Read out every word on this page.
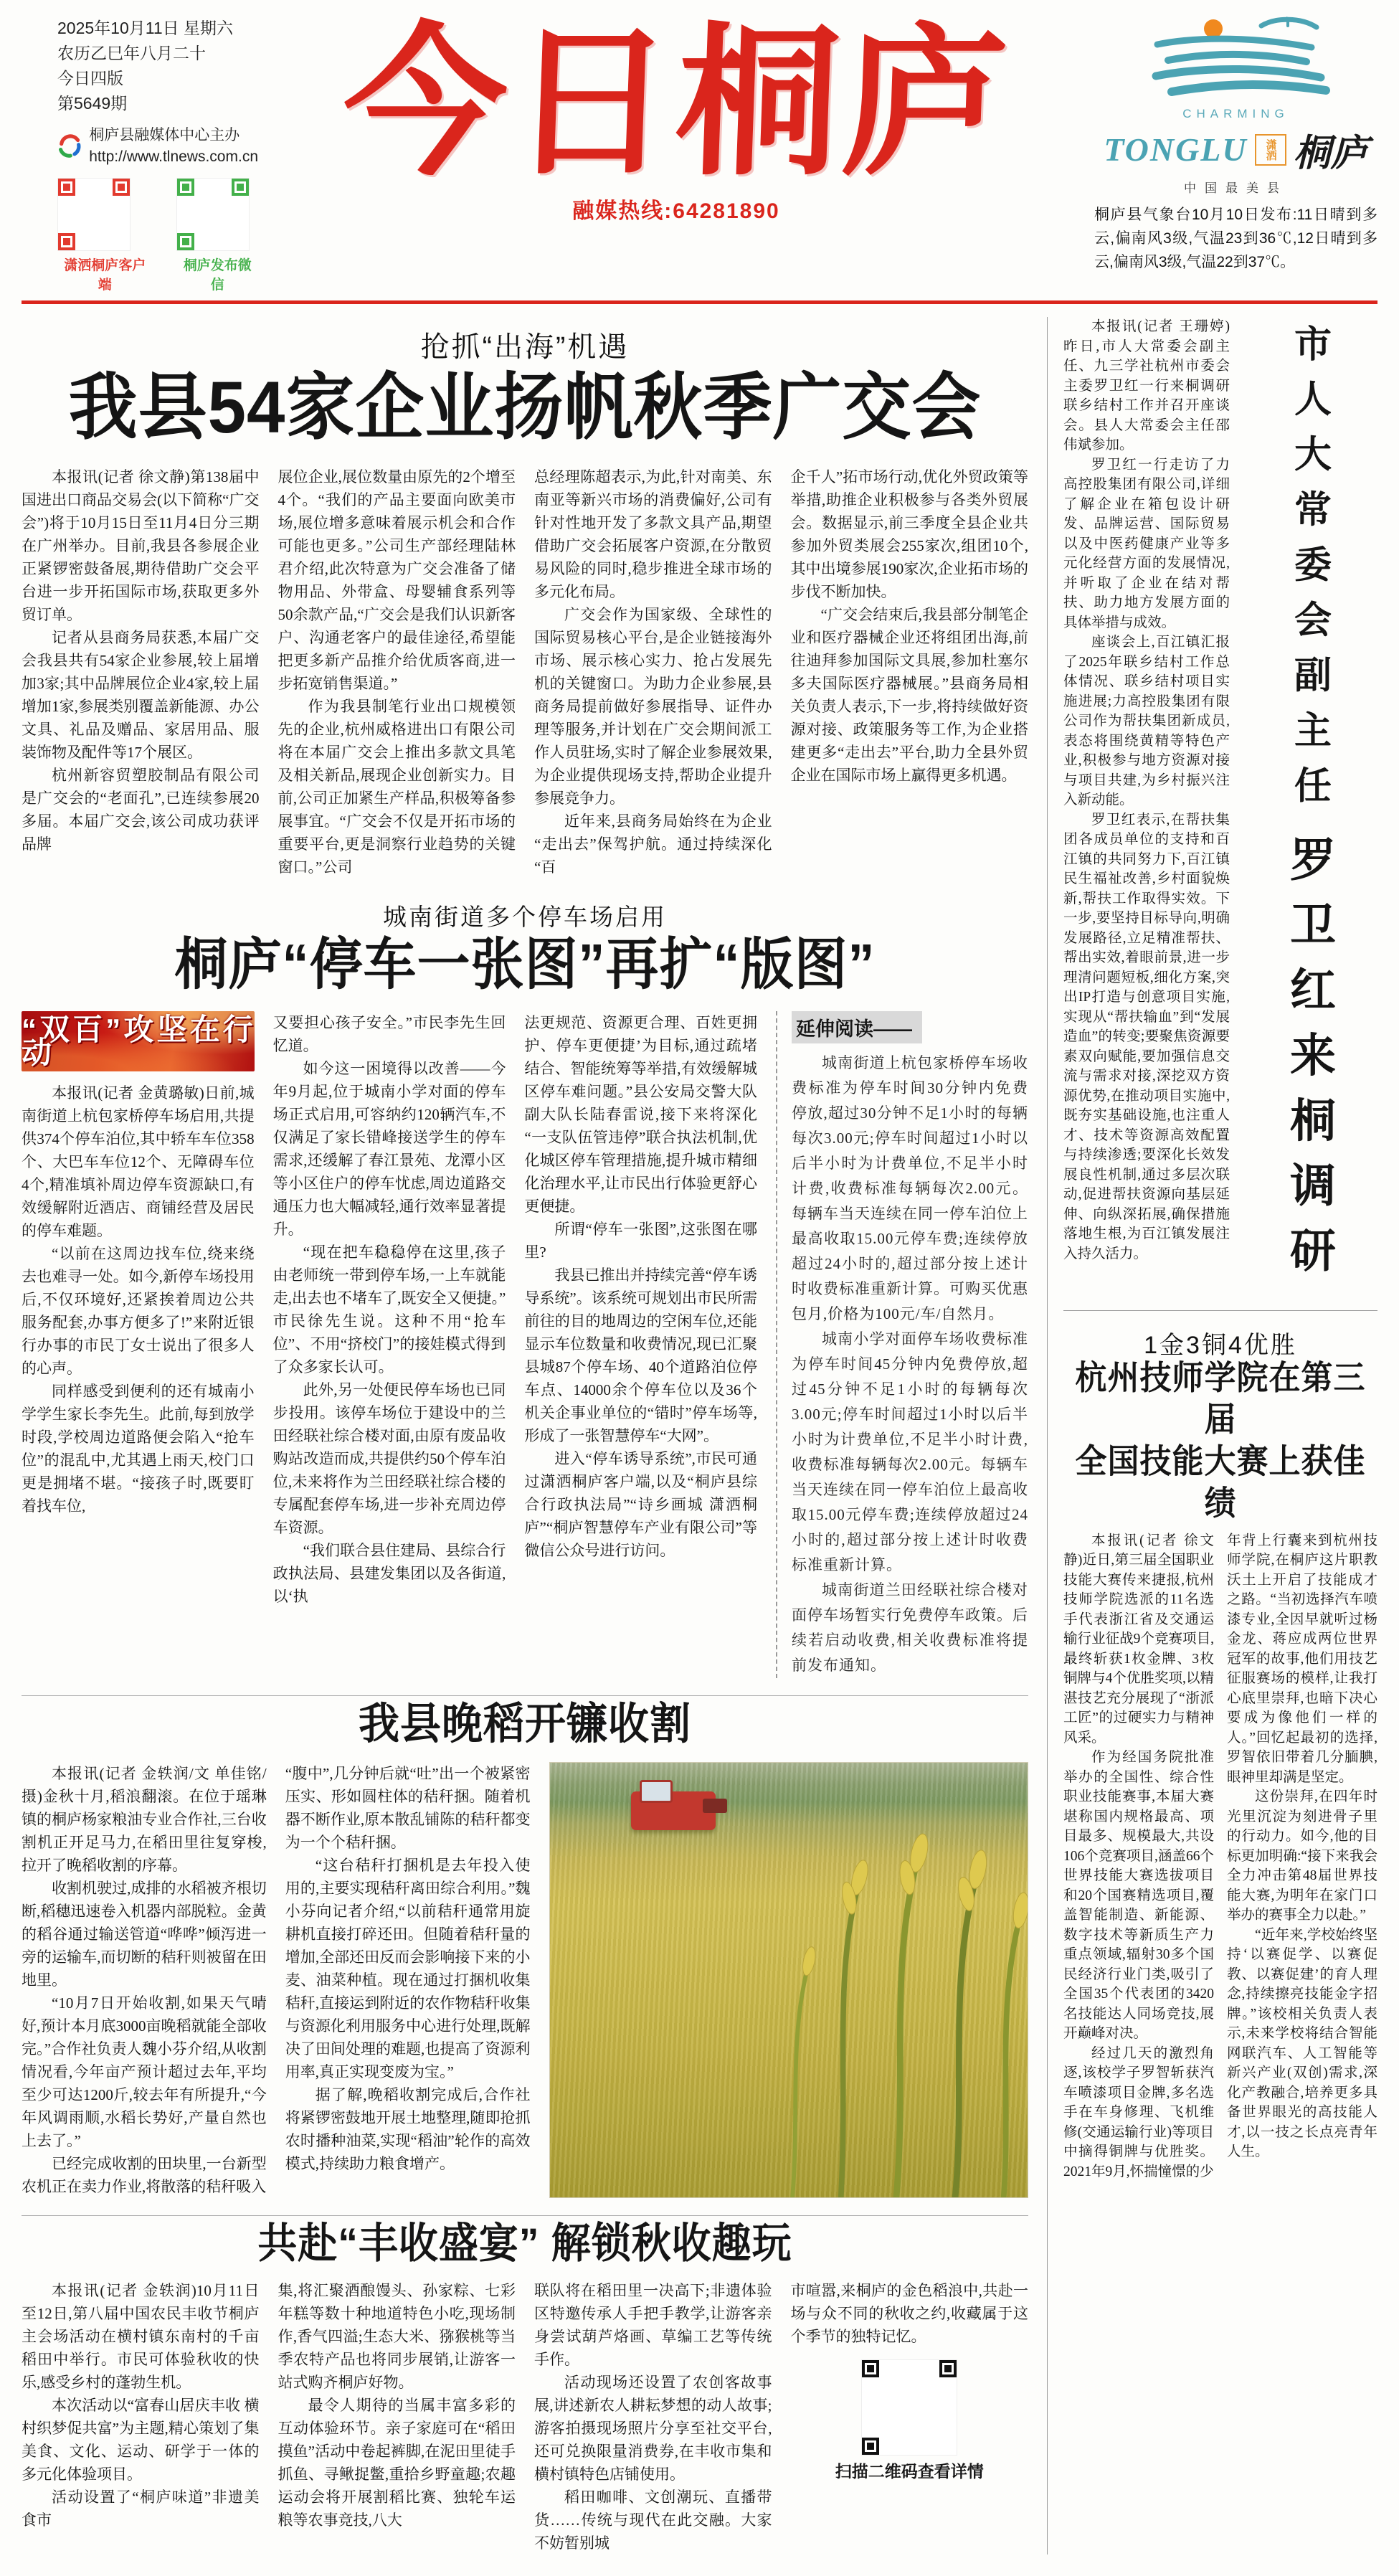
2025年10月11日 星期六
农历乙巳年八月二十
今日四版
第5649期
桐庐县融媒体中心主办
http://www.tlnews.com.cn
潇洒桐庐客户端
桐庐发布微信
今日桐庐
融媒热线:64281890
CHARMING
TONGLU	潇洒 桐庐
中国最美县
桐庐县气象台10月10日发布:11日晴到多云,偏南风3级,气温23到36℃,12日晴到多云,偏南风3级,气温22到37℃。
抢抓“出海”机遇
我县54家企业扬帆秋季广交会

本报讯(记者 徐文静)第138届中国进出口商品交易会(以下简称“广交会”)将于10月15日至11月4日分三期在广州举办。目前,我县各参展企业正紧锣密鼓备展,期待借助广交会平台进一步开拓国际市场,获取更多外贸订单。

记者从县商务局获悉,本届广交会我县共有54家企业参展,较上届增加3家;其中品牌展位企业4家,较上届增加1家,参展类别覆盖新能源、办公文具、礼品及赠品、家居用品、服装饰物及配件等17个展区。

杭州新容贸塑胶制品有限公司是广交会的“老面孔”,已连续参展20多届。本届广交会,该公司成功获评品牌

展位企业,展位数量由原先的2个增至4个。“我们的产品主要面向欧美市场,展位增多意味着展示机会和合作可能也更多。”公司生产部经理陆林君介绍,此次特意为广交会准备了储物用品、外带盒、母婴辅食系列等50余款产品,“广交会是我们认识新客户、沟通老客户的最佳途径,希望能把更多新产品推介给优质客商,进一步拓宽销售渠道。”

作为我县制笔行业出口规模领先的企业,杭州威格进出口有限公司将在本届广交会上推出多款文具笔及相关新品,展现企业创新实力。目前,公司正加紧生产样品,积极筹备参展事宜。“广交会不仅是开拓市场的重要平台,更是洞察行业趋势的关键窗口。”公司

总经理陈超表示,为此,针对南美、东南亚等新兴市场的消费偏好,公司有针对性地开发了多款文具产品,期望借助广交会拓展客户资源,在分散贸易风险的同时,稳步推进全球市场的多元化布局。

广交会作为国家级、全球性的国际贸易核心平台,是企业链接海外市场、展示核心实力、抢占发展先机的关键窗口。为助力企业参展,县商务局提前做好参展指导、证件办理等服务,并计划在广交会期间派工作人员驻场,实时了解企业参展效果,为企业提供现场支持,帮助企业提升参展竞争力。

近年来,县商务局始终在为企业“走出去”保驾护航。通过持续深化“百

企千人”拓市场行动,优化外贸政策等举措,助推企业积极参与各类外贸展会。数据显示,前三季度全县企业共参加外贸类展会255家次,组团10个,其中出境参展190家次,企业拓市场的步伐不断加快。

“广交会结束后,我县部分制笔企业和医疗器械企业还将组团出海,前往迪拜参加国际文具展,参加杜塞尔多夫国际医疗器械展。”县商务局相关负责人表示,下一步,将持续做好资源对接、政策服务等工作,为企业搭建更多“走出去”平台,助力全县外贸企业在国际市场上赢得更多机遇。

城南街道多个停车场启用
桐庐“停车一张图”再扩“版图”
“双百”攻坚在行动

本报讯(记者 金黄璐敏)日前,城南街道上杭包家桥停车场启用,共提供374个停车泊位,其中轿车车位358个、大巴车车位12个、无障碍车位4个,精准填补周边停车资源缺口,有效缓解附近酒店、商铺经营及居民的停车难题。

“以前在这周边找车位,绕来绕去也难寻一处。如今,新停车场投用后,不仅环境好,还紧挨着周边公共服务配套,办事方便多了!”来附近银行办事的市民丁女士说出了很多人的心声。

同样感受到便利的还有城南小学学生家长李先生。此前,每到放学时段,学校周边道路便会陷入“抢车位”的混乱中,尤其遇上雨天,校门口更是拥堵不堪。“接孩子时,既要盯着找车位,

又要担心孩子安全。”市民李先生回忆道。

如今这一困境得以改善——今年9月起,位于城南小学对面的停车场正式启用,可容纳约120辆汽车,不仅满足了家长错峰接送学生的停车需求,还缓解了春江景苑、龙潭小区等小区住户的停车忧虑,周边道路交通压力也大幅减轻,通行效率显著提升。

“现在把车稳稳停在这里,孩子由老师统一带到停车场,一上车就能走,出去也不堵车了,既安全又便捷。”市民徐先生说。这种不用“抢车位”、不用“挤校门”的接娃模式得到了众多家长认可。

此外,另一处便民停车场也已同步投用。该停车场位于建设中的兰田经联社综合楼对面,由原有废品收购站改造而成,共提供约50个停车泊位,未来将作为兰田经联社综合楼的专属配套停车场,进一步补充周边停车资源。

“我们联合县住建局、县综合行政执法局、县建发集团以及各街道,以‘执

法更规范、资源更合理、百姓更拥护、停车更便捷’为目标,通过疏堵结合、智能统筹等举措,有效缓解城区停车难问题。”县公安局交警大队副大队长陆春雷说,接下来将深化“一支队伍管违停”联合执法机制,优化城区停车管理措施,提升城市精细化治理水平,让市民出行体验更舒心更便捷。

所谓“停车一张图”,这张图在哪里?

我县已推出并持续完善“停车诱导系统”。该系统可规划出市民所需前往的目的地周边的空闲车位,还能显示车位数量和收费情况,现已汇聚县城87个停车场、40个道路泊位停车点、14000余个停车位以及36个机关企事业单位的“错时”停车场等,形成了一张智慧停车“大网”。

进入“停车诱导系统”,市民可通过潇洒桐庐客户端,以及“桐庐县综合行政执法局”“诗乡画城 潇洒桐庐”“桐庐智慧停车产业有限公司”等微信公众号进行访问。

延伸阅读——

城南街道上杭包家桥停车场收费标准为停车时间30分钟内免费停放,超过30分钟不足1小时的每辆每次3.00元;停车时间超过1小时以后半小时为计费单位,不足半小时计费,收费标准每辆每次2.00元。每辆车当天连续在同一停车泊位上最高收取15.00元停车费;连续停放超过24小时的,超过部分按上述计时收费标准重新计算。可购买优惠包月,价格为100元/车/自然月。

城南小学对面停车场收费标准为停车时间45分钟内免费停放,超过45分钟不足1小时的每辆每次3.00元;停车时间超过1小时以后半小时为计费单位,不足半小时计费,收费标准每辆每次2.00元。每辆车当天连续在同一停车泊位上最高收取15.00元停车费;连续停放超过24小时的,超过部分按上述计时收费标准重新计算。

城南街道兰田经联社综合楼对面停车场暂实行免费停车政策。后续若启动收费,相关收费标准将提前发布通知。

我县晚稻开镰收割

本报讯(记者 金轶润/文 单佳铭/摄)金秋十月,稻浪翻滚。在位于瑶琳镇的桐庐杨家粮油专业合作社,三台收割机正开足马力,在稻田里往复穿梭,拉开了晚稻收割的序幕。

收割机驶过,成排的水稻被齐根切断,稻穗迅速卷入机器内部脱粒。金黄的稻谷通过输送管道“哗哗”倾泻进一旁的运输车,而切断的秸秆则被留在田地里。

“10月7日开始收割,如果天气晴好,预计本月底3000亩晚稻就能全部收完。”合作社负责人魏小芬介绍,从收割情况看,今年亩产预计超过去年,平均至少可达1200斤,较去年有所提升,“今年风调雨顺,水稻长势好,产量自然也上去了。”

已经完成收割的田块里,一台新型农机正在卖力作业,将散落的秸秆吸入

“腹中”,几分钟后就“吐”出一个被紧密压实、形如圆柱体的秸秆捆。随着机器不断作业,原本散乱铺陈的秸秆都变为一个个秸秆捆。

“这台秸秆打捆机是去年投入使用的,主要实现秸秆离田综合利用。”魏小芬向记者介绍,“以前秸秆通常用旋耕机直接打碎还田。但随着秸秆量的增加,全部还田反而会影响接下来的小麦、油菜种植。现在通过打捆机收集秸秆,直接运到附近的农作物秸秆收集与资源化利用服务中心进行处理,既解决了田间处理的难题,也提高了资源利用率,真正实现变废为宝。”

据了解,晚稻收割完成后,合作社将紧锣密鼓地开展土地整理,随即抢抓农时播种油菜,实现“稻油”轮作的高效模式,持续助力粮食增产。

共赴“丰收盛宴” 解锁秋收趣玩

本报讯(记者 金轶润)10月11日至12日,第八届中国农民丰收节桐庐主会场活动在横村镇东南村的千亩稻田中举行。市民可体验秋收的快乐,感受乡村的蓬勃生机。

本次活动以“富春山居庆丰收 横村织梦促共富”为主题,精心策划了集美食、文化、运动、研学于一体的多元化体验项目。

活动设置了“桐庐味道”非遗美食市

集,将汇聚酒酿馒头、孙家粽、七彩年糕等数十种地道特色小吃,现场制作,香气四溢;生态大米、猕猴桃等当季农特产品也将同步展销,让游客一站式购齐桐庐好物。

最令人期待的当属丰富多彩的互动体验环节。亲子家庭可在“稻田摸鱼”活动中卷起裤脚,在泥田里徒手抓鱼、寻鳅捉鳖,重拾乡野童趣;农趣运动会将开展割稻比赛、独轮车运粮等农事竞技,八大

联队将在稻田里一决高下;非遗体验区特邀传承人手把手教学,让游客亲身尝试葫芦烙画、草编工艺等传统手作。

活动现场还设置了农创客故事展,讲述新农人耕耘梦想的动人故事;游客拍摄现场照片分享至社交平台,还可兑换限量消费券,在丰收市集和横村镇特色店铺使用。

稻田咖啡、文创潮玩、直播带货……传统与现代在此交融。大家不妨暂别城

市喧嚣,来桐庐的金色稻浪中,共赴一场与众不同的秋收之约,收藏属于这个季节的独特记忆。

扫描二维码查看详情

本报讯(记者 王珊婷)昨日,市人大常委会副主任、九三学社杭州市委会主委罗卫红一行来桐调研联乡结村工作并召开座谈会。县人大常委会主任邵伟斌参加。

罗卫红一行走访了力高控股集团有限公司,详细了解企业在箱包设计研发、品牌运营、国际贸易以及中医药健康产业等多元化经营方面的发展情况,并听取了企业在结对帮扶、助力地方发展方面的具体举措与成效。

座谈会上,百江镇汇报了2025年联乡结村工作总体情况、联乡结村项目实施进展;力高控股集团有限公司作为帮扶集团新成员,表态将围绕黄精等特色产业,积极参与地方资源对接与项目共建,为乡村振兴注入新动能。

罗卫红表示,在帮扶集团各成员单位的支持和百江镇的共同努力下,百江镇民生福祉改善,乡村面貌焕新,帮扶工作取得实效。下一步,要坚持目标导向,明确发展路径,立足精准帮扶、帮出实效,着眼前景,进一步理清问题短板,细化方案,突出IP打造与创意项目实施,实现从“帮扶输血”到“发展造血”的转变;要聚焦资源要素双向赋能,要加强信息交流与需求对接,深挖双方资源优势,在推动项目实施中,既夯实基础设施,也注重人才、技术等资源高效配置与持续渗透;要深化长效发展良性机制,通过多层次联动,促进帮扶资源向基层延伸、向纵深拓展,确保措施落地生根,为百江镇发展注入持久活力。

市人大常委会副主任
罗卫红来桐调研
1金3铜4优胜
杭州技师学院在第三届
全国技能大赛上获佳绩

本报讯(记者 徐文静)近日,第三届全国职业技能大赛传来捷报,杭州技师学院选派的11名选手代表浙江省及交通运输行业征战9个竞赛项目,最终斩获1枚金牌、3枚铜牌与4个优胜奖项,以精湛技艺充分展现了“浙派工匠”的过硬实力与精神风采。

作为经国务院批准举办的全国性、综合性职业技能赛事,本届大赛堪称国内规格最高、项目最多、规模最大,共设106个竞赛项目,涵盖66个世界技能大赛选拔项目和20个国赛精选项目,覆盖智能制造、新能源、数字技术等新质生产力重点领域,辐射30多个国民经济行业门类,吸引了全国35个代表团的3420名技能达人同场竞技,展开巅峰对决。

经过几天的激烈角逐,该校学子罗智斩获汽车喷漆项目金牌,多名选手在车身修理、飞机维修(交通运输行业)等项目中摘得铜牌与优胜奖。2021年9月,怀揣憧憬的少

年背上行囊来到杭州技师学院,在桐庐这片职教沃土上开启了技能成才之路。“当初选择汽车喷漆专业,全因早就听过杨金龙、蒋应成两位世界冠军的故事,他们用技艺征服赛场的模样,让我打心底里崇拜,也暗下决心要成为像他们一样的人。”回忆起最初的选择,罗智依旧带着几分腼腆,眼神里却满是坚定。

这份崇拜,在四年时光里沉淀为刻进骨子里的行动力。如今,他的目标更加明确:“接下来我会全力冲击第48届世界技能大赛,为明年在家门口举办的赛事全力以赴。”

“近年来,学校始终坚持‘以赛促学、以赛促教、以赛促建’的育人理念,持续擦亮技能金字招牌。”该校相关负责人表示,未来学校将结合智能网联汽车、人工智能等新兴产业(双创)需求,深化产教融合,培养更多具备世界眼光的高技能人才,以一技之长点亮青年人生。
